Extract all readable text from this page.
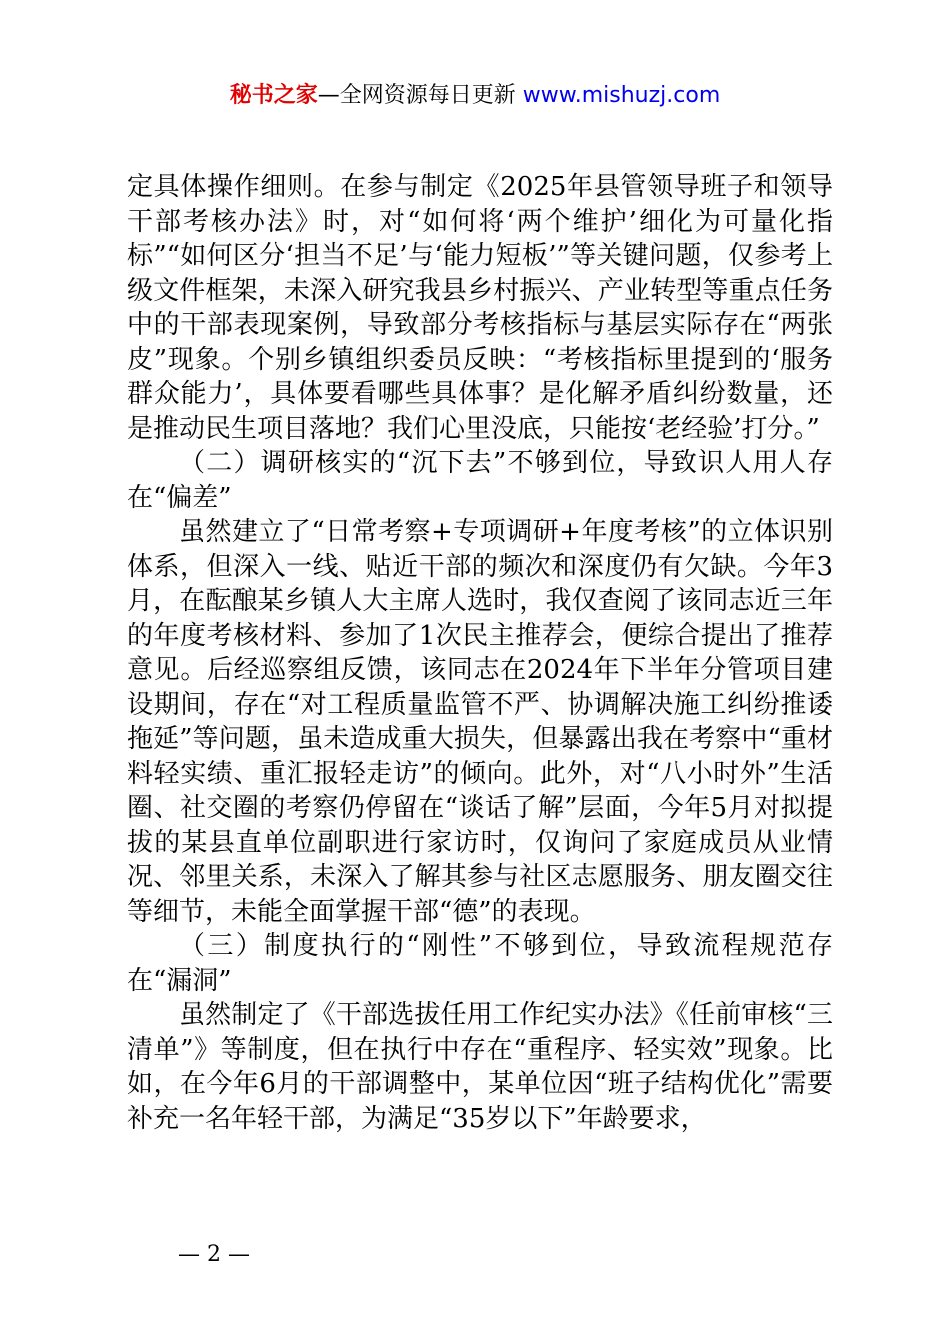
秘书之家—全网资源每日更新 www.mishuzj.com

定具体操作细则。在参与制定《2025年县管领导班子和领导干部考核办法》时，对“如何将‘两个维护’细化为可量化指标”“如何区分‘担当不足’与‘能力短板’”等关键问题，仅参考上级文件框架，未深入研究我县乡村振兴、产业转型等重点任务中的干部表现案例，导致部分考核指标与基层实际存在“两张皮”现象。个别乡镇组织委员反映：“考核指标里提到的‘服务群众能力’，具体要看哪些具体事？是化解矛盾纠纷数量，还是推动民生项目落地？我们心里没底，只能按‘老经验’打分。”

（二）调研核实的“沉下去”不够到位，导致识人用人存在“偏差”

虽然建立了“日常考察+专项调研+年度考核”的立体识别体系，但深入一线、贴近干部的频次和深度仍有欠缺。今年3月，在酝酿某乡镇人大主席人选时，我仅查阅了该同志近三年的年度考核材料、参加了1次民主推荐会，便综合提出了推荐意见。后经巡察组反馈，该同志在2024年下半年分管项目建设期间，存在“对工程质量监管不严、协调解决施工纠纷推诿拖延”等问题，虽未造成重大损失，但暴露出我在考察中“重材料轻实绩、重汇报轻走访”的倾向。此外，对“八小时外”生活圈、社交圈的考察仍停留在“谈话了解”层面，今年5月对拟提拔的某县直单位副职进行家访时，仅询问了家庭成员从业情况、邻里关系，未深入了解其参与社区志愿服务、朋友圈交往等细节，未能全面掌握干部“德”的表现。

（三）制度执行的“刚性”不够到位，导致流程规范存在“漏洞”

虽然制定了《干部选拔任用工作纪实办法》《任前审核“三清单”》等制度，但在执行中存在“重程序、轻实效”现象。比如，在今年6月的干部调整中，某单位因“班子结构优化”需要补充一名年轻干部，为满足“35岁以下”年龄要求，

— 2 —
